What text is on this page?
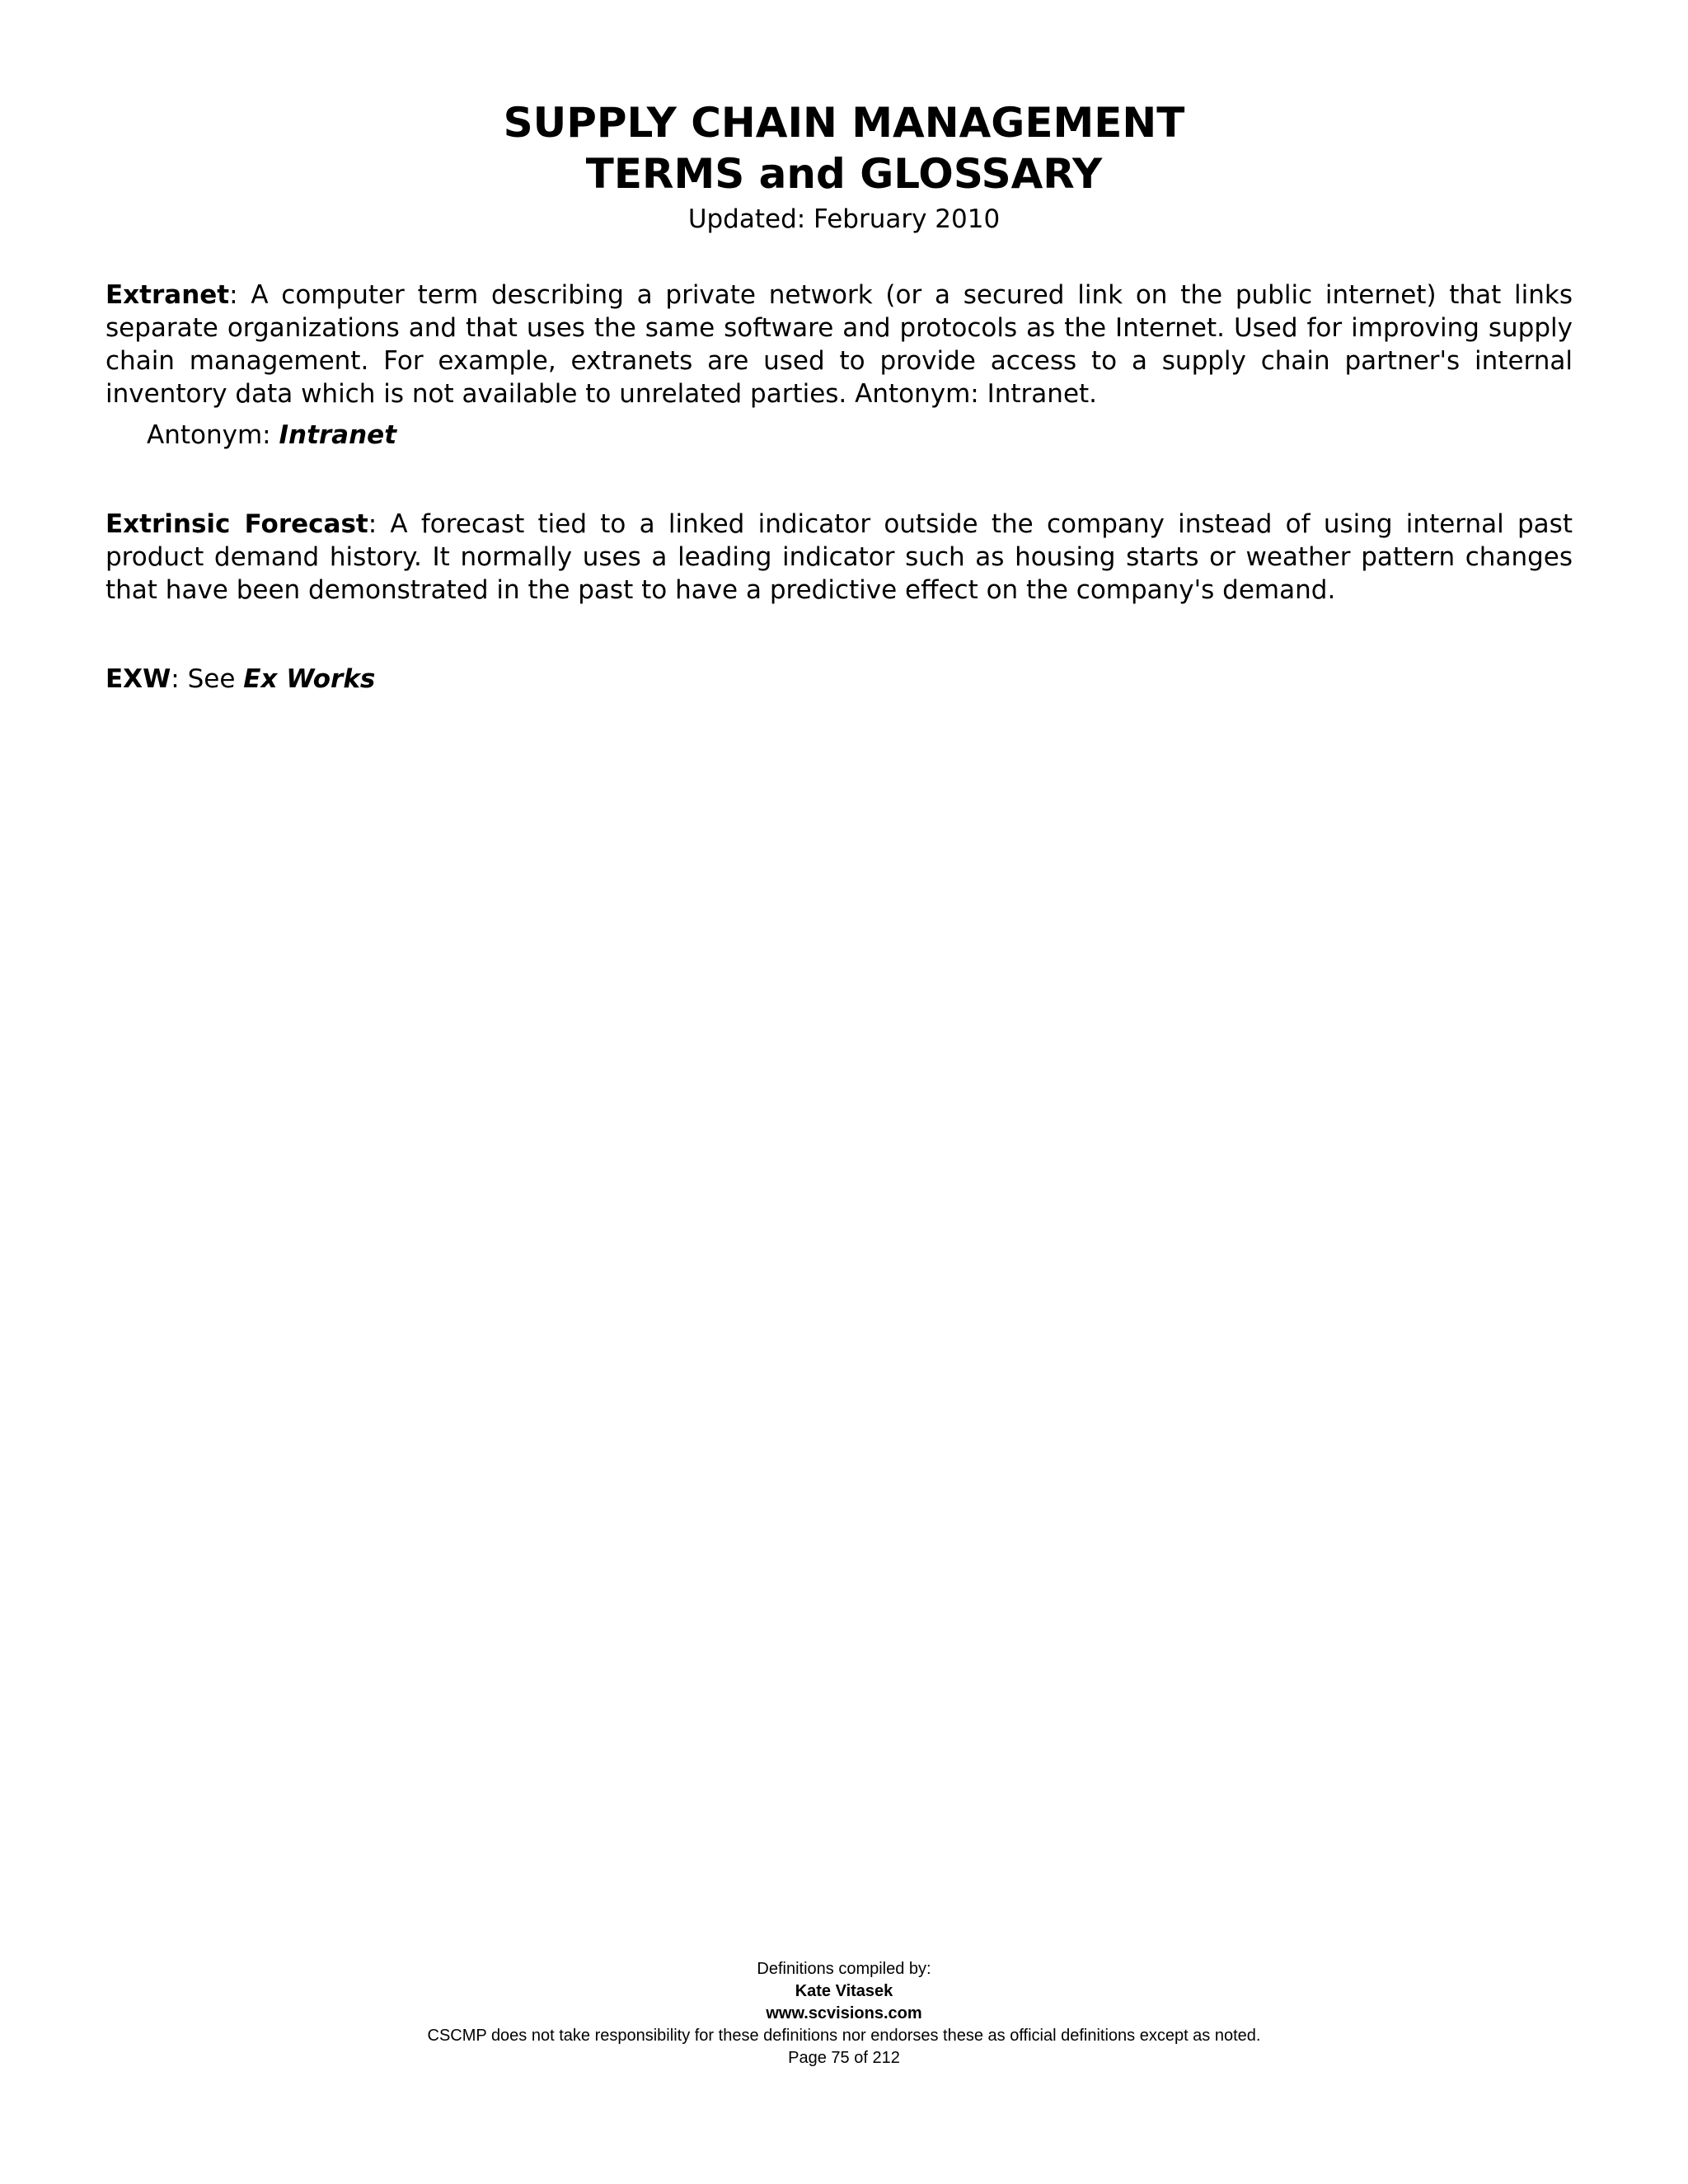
SUPPLY CHAIN MANAGEMENT
TERMS and GLOSSARY
Updated: February 2010

Extranet: A computer term describing a private network (or a secured link on the public internet) that links separate organizations and that uses the same software and protocols as the Internet. Used for improving supply chain management. For example, extranets are used to provide access to a supply chain partner's internal inventory data which is not available to unrelated parties. Antonym: Intranet.

Antonym: Intranet

Extrinsic Forecast: A forecast tied to a linked indicator outside the company instead of using internal past product demand history. It normally uses a leading indicator such as housing starts or weather pattern changes that have been demonstrated in the past to have a predictive effect on the company's demand.

EXW: See Ex Works

Definitions compiled by:
Kate Vitasek
www.scvisions.com
CSCMP does not take responsibility for these definitions nor endorses these as official definitions except as noted.
Page 75 of 212
